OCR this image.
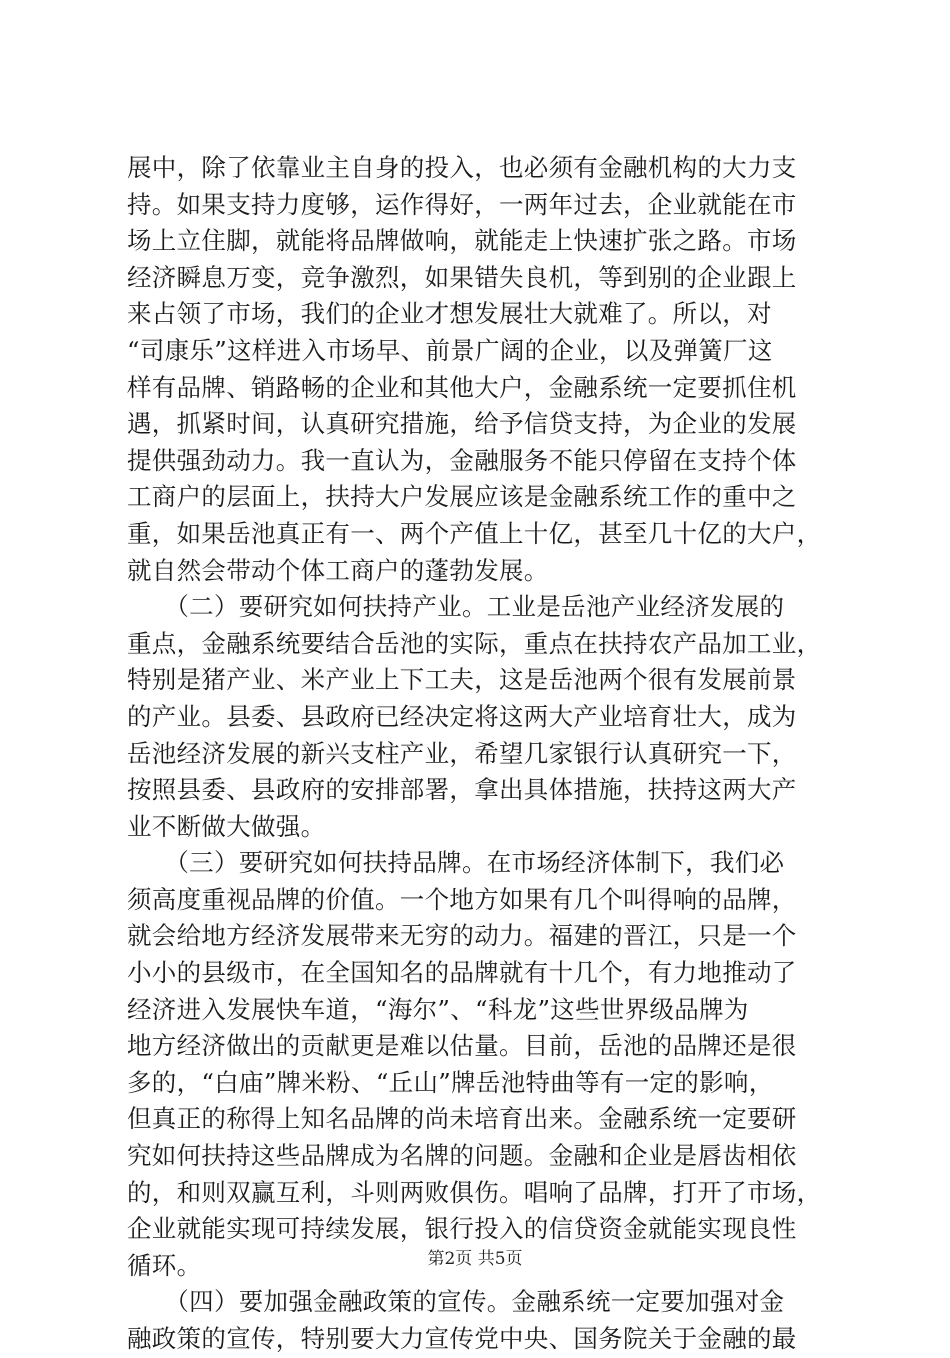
展中，除了依靠业主自身的投入，也必须有金融机构的大力支
持。如果支持力度够，运作得好，一两年过去，企业就能在市
场上立住脚，就能将品牌做响，就能走上快速扩张之路。市场
经济瞬息万变，竞争激烈，如果错失良机，等到别的企业跟上
来占领了市场，我们的企业才想发展壮大就难了。所以，对
“司康乐”这样进入市场早、前景广阔的企业，以及弹簧厂这
样有品牌、销路畅的企业和其他大户，金融系统一定要抓住机
遇，抓紧时间，认真研究措施，给予信贷支持，为企业的发展
提供强劲动力。我一直认为，金融服务不能只停留在支持个体
工商户的层面上，扶持大户发展应该是金融系统工作的重中之
重，如果岳池真正有一、两个产值上十亿，甚至几十亿的大户，
就自然会带动个体工商户的蓬勃发展。
　　（二）要研究如何扶持产业。工业是岳池产业经济发展的
重点，金融系统要结合岳池的实际，重点在扶持农产品加工业，
特别是猪产业、米产业上下工夫，这是岳池两个很有发展前景
的产业。县委、县政府已经决定将这两大产业培育壮大，成为
岳池经济发展的新兴支柱产业，希望几家银行认真研究一下，
按照县委、县政府的安排部署，拿出具体措施，扶持这两大产
业不断做大做强。
　　（三）要研究如何扶持品牌。在市场经济体制下，我们必
须高度重视品牌的价值。一个地方如果有几个叫得响的品牌，
就会给地方经济发展带来无穷的动力。福建的晋江，只是一个
小小的县级市，在全国知名的品牌就有十几个，有力地推动了
经济进入发展快车道，“海尔”、“科龙”这些世界级品牌为
地方经济做出的贡献更是难以估量。目前，岳池的品牌还是很
多的，“白庙”牌米粉、“丘山”牌岳池特曲等有一定的影响，
但真正的称得上知名品牌的尚未培育出来。金融系统一定要研
究如何扶持这些品牌成为名牌的问题。金融和企业是唇齿相依
的，和则双赢互利，斗则两败俱伤。唱响了品牌，打开了市场，
企业就能实现可持续发展，银行投入的信贷资金就能实现良性
循环。
　　（四）要加强金融政策的宣传。金融系统一定要加强对金
融政策的宣传，特别要大力宣传党中央、国务院关于金融的最
第2页 共5页
